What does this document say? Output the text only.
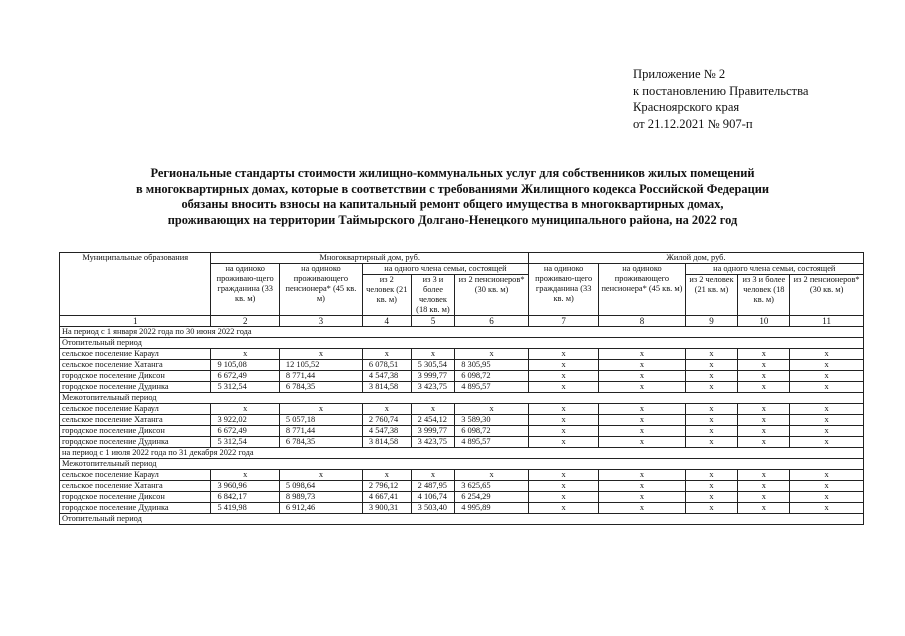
Приложение № 2
к постановлению Правительства
Красноярского края
от 21.12.2021 № 907-п
Региональные стандарты стоимости жилищно-коммунальных услуг для собственников жилых помещений
в многоквартирных домах, которые в соответствии с требованиями Жилищного кодекса Российской Федерации
обязаны вносить взносы на капитальный ремонт общего имущества в многоквартирных домах,
проживающих на территории Таймырского Долгано-Ненецкого муниципального района, на 2022 год
Муниципальные образования	Многоквартирный дом, руб.					Жилой дом, руб.				
	на одиноко проживаю-щего гражданина (33 кв. м)	на одиноко проживающего пенсионера* (45 кв. м)	на одного члена семьи, состоящей			на одиноко проживаю-щего гражданина (33 кв. м)	на одиноко проживающего пенсионера* (45 кв. м)	на одного члена семьи, состоящей		
			из 2 человек (21 кв. м)	из 3 и более человек (18 кв. м)	из 2 пенсионеров* (30 кв. м)			из 2 человек (21 кв. м)	из 3 и более человек (18 кв. м)	из 2 пенсионеров* (30 кв. м)
1	2	3	4	5	6	7	8	9	10	11
На период с 1 января 2022 года по 30 июня 2022 года										
Отопительный период										
сельское поселение Караул	x	x	x	x	x	x	x	x	x	x
сельское поселение Хатанга	9 105,08	12 105,52	6 078,51	5 305,54	8 305,95	x	x	x	x	x
городское поселение Диксон	6 672,49	8 771,44	4 547,38	3 999,77	6 098,72	x	x	x	x	x
городское поселение Дудинка	5 312,54	6 784,35	3 814,58	3 423,75	4 895,57	x	x	x	x	x
Межотопительный период										
сельское поселение Караул	x	x	x	x	x	x	x	x	x	x
сельское поселение Хатанга	3 922,02	5 057,18	2 760,74	2 454,12	3 589,30	x	x	x	x	x
городское поселение Диксон	6 672,49	8 771,44	4 547,38	3 999,77	6 098,72	x	x	x	x	x
городское поселение Дудинка	5 312,54	6 784,35	3 814,58	3 423,75	4 895,57	x	x	x	x	x
на период с 1 июля 2022 года по 31 декабря 2022 года										
Межотопительный период										
сельское поселение Караул	x	x	x	x	x	x	x	x	x	x
сельское поселение Хатанга	3 960,96	5 098,64	2 796,12	2 487,95	3 625,65	x	x	x	x	x
городское поселение Диксон	6 842,17	8 989,73	4 667,41	4 106,74	6 254,29	x	x	x	x	x
городское поселение Дудинка	5 419,98	6 912,46	3 900,31	3 503,40	4 995,89	x	x	x	x	x
Отопительный период										
